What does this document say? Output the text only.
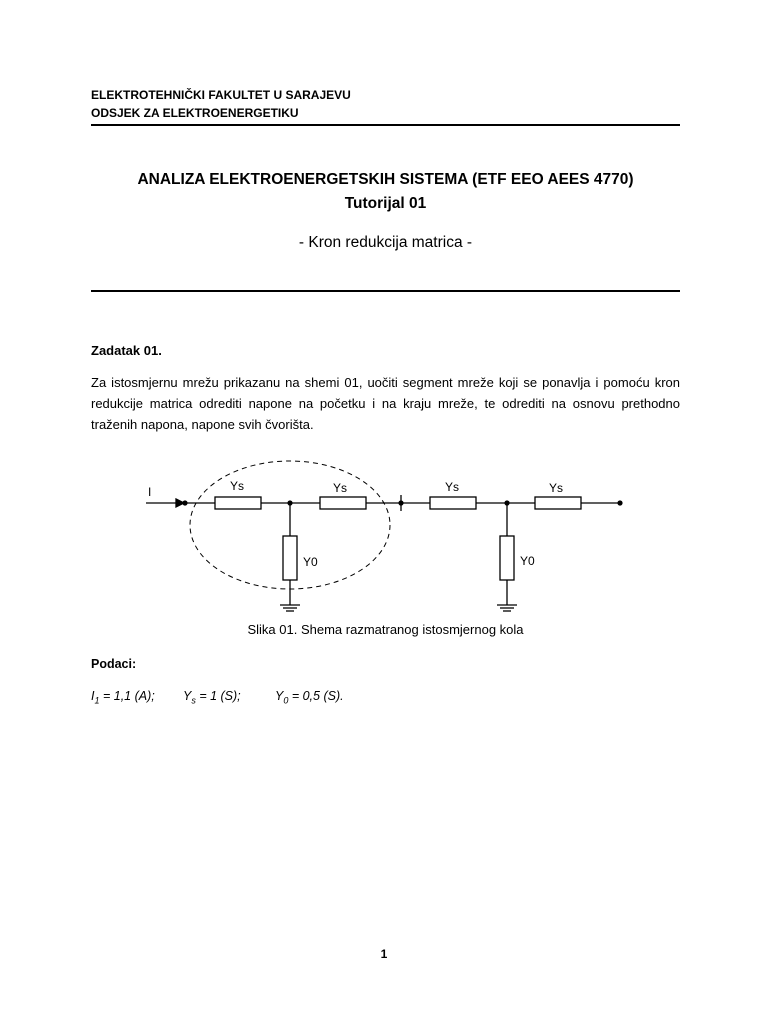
ELEKTROTEHNIČKI FAKULTET U SARAJEVU
ODSJEK ZA ELEKTROENERGETIKU
ANALIZA ELEKTROENERGETSKIH SISTEMA (ETF EEO AEES 4770)
Tutorijal 01
- Kron redukcija matrica -
Zadatak 01.
Za istosmjernu mrežu prikazanu na shemi 01, uočiti segment mreže koji se ponavlja i pomoću kron redukcije matrica odrediti napone na početku i na kraju mreže, te odrediti na osnovu prethodno traženih napona, napone svih čvorišta.
I	Ys	Ys	Ys	Ys
Y0	Y0
Slika 01. Shema razmatranog istosmjernog kola
Podaci:
$I_1 = 1,1$ (A); $Y_s = 1$ (S);	$Y_0 = 0,5$ (S).
1
